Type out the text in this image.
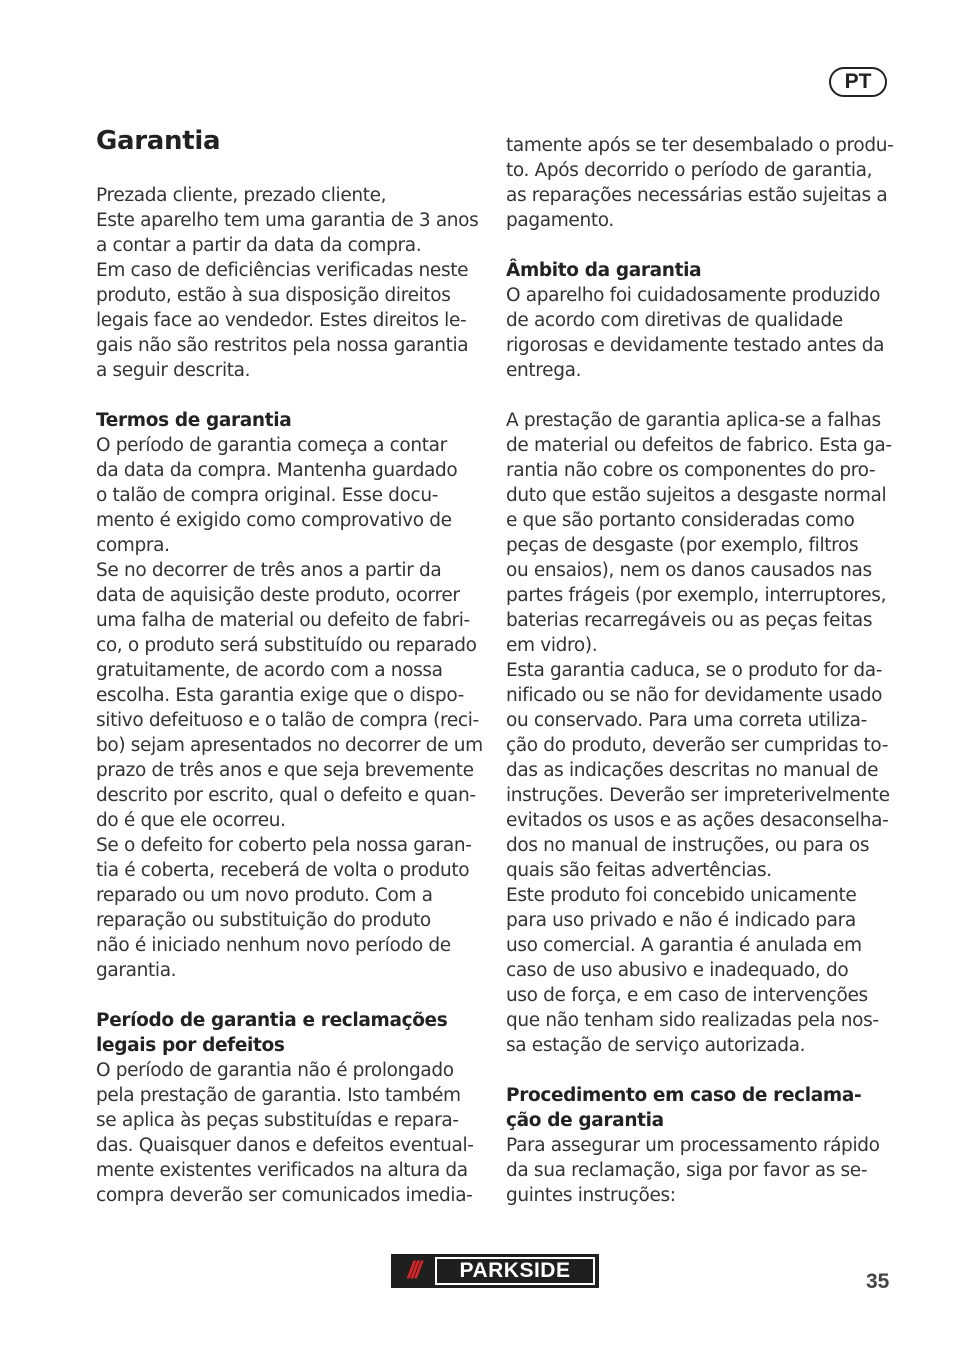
PT
Garantia
Prezada cliente, prezado cliente,
Este aparelho tem uma garantia de 3 anos
a contar a partir da data da compra.
Em caso de deficiências verificadas neste
produto, estão à sua disposição direitos
legais face ao vendedor. Estes direitos le-
gais não são restritos pela nossa garantia
a seguir descrita.
Termos de garantia
O período de garantia começa a contar
da data da compra. Mantenha guardado
o talão de compra original. Esse docu-
mento é exigido como comprovativo de
compra.
Se no decorrer de três anos a partir da
data de aquisição deste produto, ocorrer
uma falha de material ou defeito de fabri-
co, o produto será substituído ou reparado
gratuitamente, de acordo com a nossa
escolha. Esta garantia exige que o dispo-
sitivo defeituoso e o talão de compra (reci-
bo) sejam apresentados no decorrer de um
prazo de três anos e que seja brevemente
descrito por escrito, qual o defeito e quan-
do é que ele ocorreu.
Se o defeito for coberto pela nossa garan-
tia é coberta, receberá de volta o produto
reparado ou um novo produto. Com a
reparação ou substituição do produto
não é iniciado nenhum novo período de
garantia.
Período de garantia e reclamações
legais por defeitos
O período de garantia não é prolongado
pela prestação de garantia. Isto também
se aplica às peças substituídas e repara-
das. Quaisquer danos e defeitos eventual-
mente existentes verificados na altura da
compra deverão ser comunicados imedia-
tamente após se ter desembalado o produ-
to. Após decorrido o período de garantia,
as reparações necessárias estão sujeitas a
pagamento.
Âmbito da garantia
O aparelho foi cuidadosamente produzido
de acordo com diretivas de qualidade
rigorosas e devidamente testado antes da
entrega.
A prestação de garantia aplica-se a falhas
de material ou defeitos de fabrico. Esta ga-
rantia não cobre os componentes do pro-
duto que estão sujeitos a desgaste normal
e que são portanto consideradas como
peças de desgaste (por exemplo, filtros
ou ensaios), nem os danos causados nas
partes frágeis (por exemplo, interruptores,
baterias recarregáveis ou as peças feitas
em vidro).
Esta garantia caduca, se o produto for da-
nificado ou se não for devidamente usado
ou conservado. Para uma correta utiliza-
ção do produto, deverão ser cumpridas to-
das as indicações descritas no manual de
instruções. Deverão ser impreterivelmente
evitados os usos e as ações desaconselha-
dos no manual de instruções, ou para os
quais são feitas advertências.
Este produto foi concebido unicamente
para uso privado e não é indicado para
uso comercial. A garantia é anulada em
caso de uso abusivo e inadequado, do
uso de força, e em caso de intervenções
que não tenham sido realizadas pela nos-
sa estação de serviço autorizada.
Procedimento em caso de reclama-
ção de garantia
Para assegurar um processamento rápido
da sua reclamação, siga por favor as se-
guintes instruções:
///	PARKSIDE	35
